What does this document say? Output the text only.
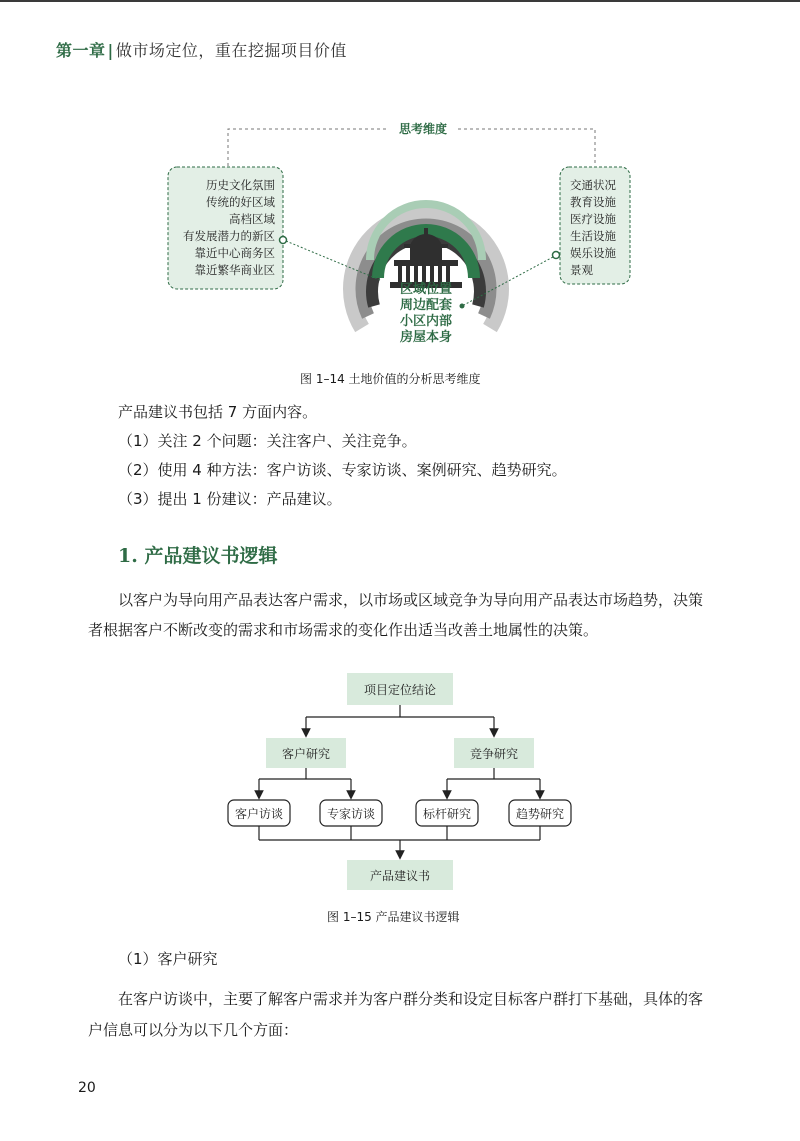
第一章 | 做市场定位，重在挖掘项目价值
思考维度
区域位置
周边配套
小区内部
房屋本身
历史文化氛围
传统的好区域
高档区域
有发展潜力的新区
靠近中心商务区
靠近繁华商业区
交通状况
教育设施
医疗设施
生活设施
娱乐设施
景观
图 1–14 土地价值的分析思考维度
产品建议书包括 7 方面内容。
（1）关注 2 个问题：关注客户、关注竞争。
（2）使用 4 种方法：客户访谈、专家访谈、案例研究、趋势研究。
（3）提出 1 份建议：产品建议。
1. 产品建议书逻辑
以客户为导向用产品表达客户需求，以市场或区域竞争为导向用产品表达市场趋势，决策
者根据客户不断改变的需求和市场需求的变化作出适当改善土地属性的决策。
项目定位结论
客户研究	竞争研究
客户访谈	专家访谈	标杆研究	趋势研究
产品建议书
图 1–15 产品建议书逻辑
（1）客户研究
在客户访谈中，主要了解客户需求并为客户群分类和设定目标客户群打下基础，具体的客
户信息可以分为以下几个方面：
20
